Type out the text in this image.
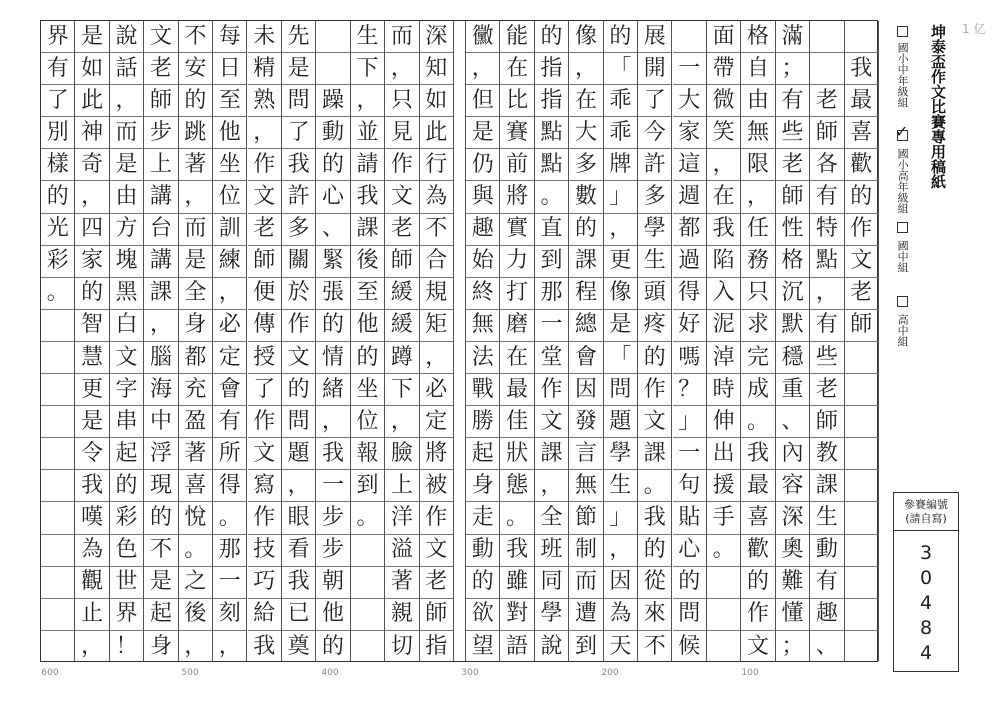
我
最
喜
歡
的
作
文
老
師
老
師
各
有
特
點
，
有
些
老
師
教
課
生
動
有
趣
、
滿
；
有
些
老
師
性
格
沉
默
穩
重
、
內
容
深
奧
難
懂
；
格
自
由
無
限
，
任
務
只
求
完
成
。
我
最
喜
歡
的
作
文
面
帶
微
笑
，
在
我
陷
入
泥
淖
時
伸
出
援
手
。
一
大
家
這
週
都
過
得
好
嗎
？
」
一
句
貼
心
的
問
候
展
開
了
今
許
多
學
生
頭
疼
的
作
文
課
。
我
的
從
來
不
的
「
乖
乖
牌
」
，
更
像
是
「
問
題
學
生
」
，
因
為
天
像
，
在
大
多
數
的
課
程
總
會
因
發
言
無
節
制
而
遭
到
的
指
指
點
點
。
直
到
那
一
堂
作
文
課
，
全
班
同
學
說
能
在
比
賽
前
將
實
力
打
磨
在
最
佳
狀
態
。
我
雖
對
語
黴
，
但
是
仍
與
趣
始
終
無
法
戰
勝
起
身
走
動
的
欲
望
深
知
如
此
行
為
不
合
規
矩
，
必
定
將
被
作
文
老
師
指
而
，
只
見
作
文
老
師
緩
緩
蹲
下
，
臉
上
洋
溢
著
親
切
生
下
，
並
請
我
課
後
至
他
的
坐
位
報
到
。
躁
動
的
心
、
緊
張
的
情
緒
，
我
一
步
步
朝
他
的
先
是
問
了
我
許
多
關
於
作
文
的
問
題
，
眼
看
我
已
奠
未
精
熟
，
作
文
老
師
便
傳
授
了
作
文
寫
作
技
巧
給
我
每
日
至
他
坐
位
訓
練
，
必
定
會
有
所
得
。
那
一
刻
，
不
安
的
跳
著
，
而
是
全
身
都
充
盈
著
喜
悅
。
之
後
，
文
老
師
步
上
講
台
講
課
，
腦
海
中
浮
現
的
不
是
起
身
說
話
，
而
是
由
方
塊
黑
白
文
字
串
起
的
彩
色
世
界
！
是
如
此
神
奇
，
四
家
的
智
慧
更
是
令
我
嘆
為
觀
止
，
界
有
了
別
樣
的
光
彩
。
600	500	400	300	200	100
坤泰盃作文比賽專用稿紙 1 亿
國小中年級組
✓
國小高年級組
國中組
高中組
參賽編號
(請自寫)
3
0
4
8
4
